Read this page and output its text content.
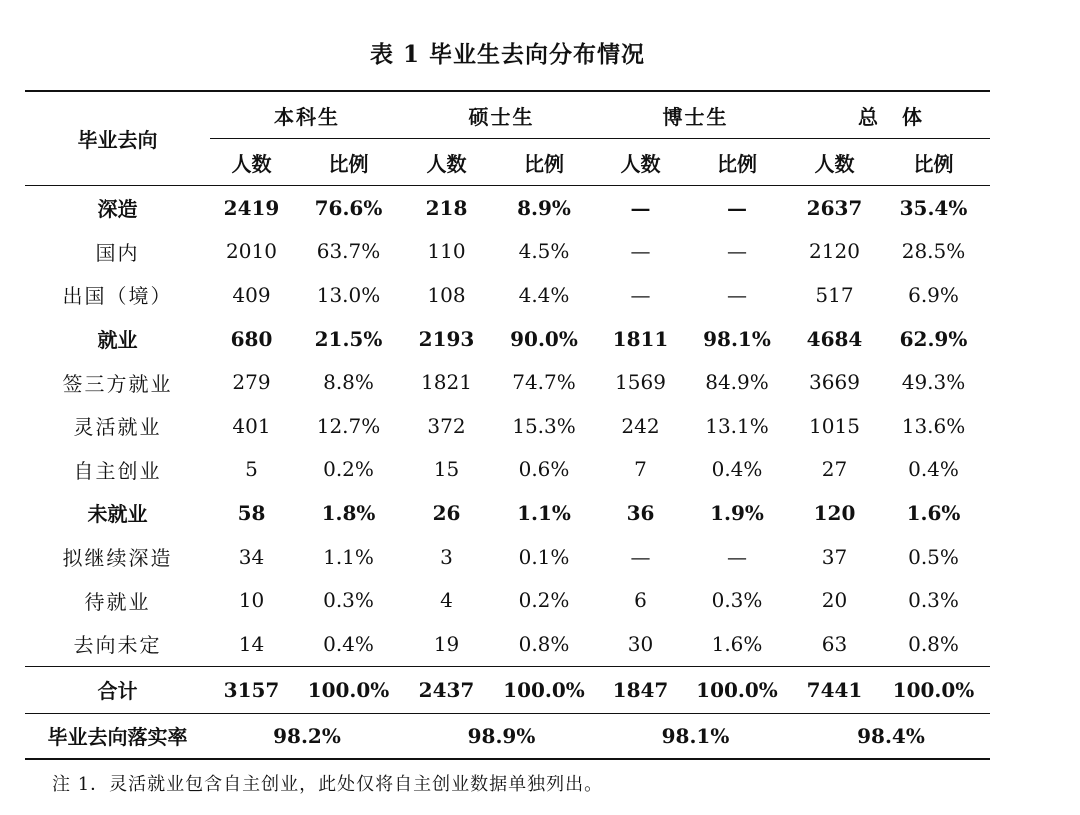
表 1 毕业生去向分布情况
毕业去向	本科生		硕士生		博士生		总　体	
	人数	比例	人数	比例	人数	比例	人数	比例
深造	2419	76.6%	218	8.9%	—	—	2637	35.4%
国内	2010	63.7%	110	4.5%	—	—	2120	28.5%
出国（境）	409	13.0%	108	4.4%	—	—	517	6.9%
就业	680	21.5%	2193	90.0%	1811	98.1%	4684	62.9%
签三方就业	279	8.8%	1821	74.7%	1569	84.9%	3669	49.3%
灵活就业	401	12.7%	372	15.3%	242	13.1%	1015	13.6%
自主创业	5	0.2%	15	0.6%	7	0.4%	27	0.4%
未就业	58	1.8%	26	1.1%	36	1.9%	120	1.6%
拟继续深造	34	1.1%	3	0.1%	—	—	37	0.5%
待就业	10	0.3%	4	0.2%	6	0.3%	20	0.3%
去向未定	14	0.4%	19	0.8%	30	1.6%	63	0.8%
合计	3157	100.0%	2437	100.0%	1847	100.0%	7441	100.0%
毕业去向落实率	98.2%		98.9%		98.1%		98.4%	
注 1．灵活就业包含自主创业，此处仅将自主创业数据单独列出。
